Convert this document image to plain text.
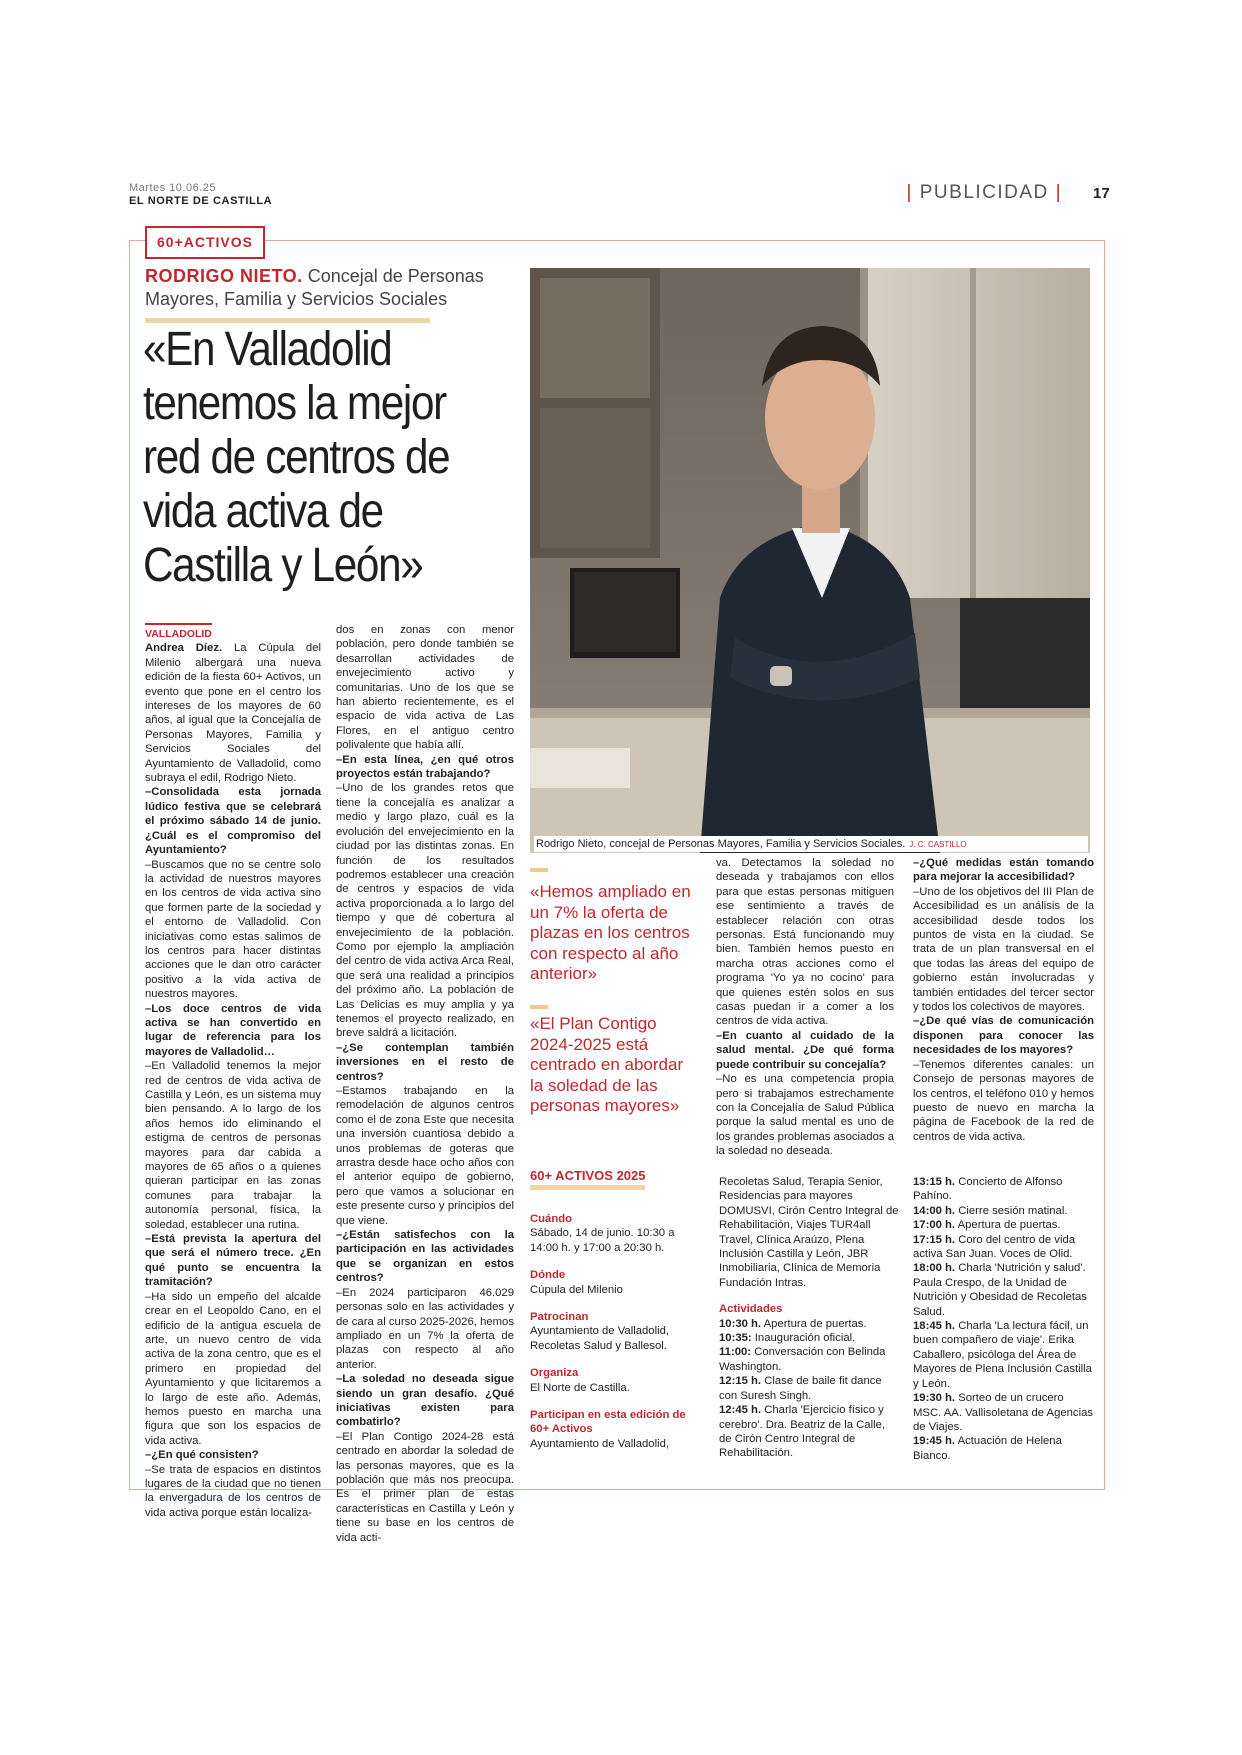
Martes 10.06.25
EL NORTE DE CASTILLA	| PUBLICIDAD | 17
60+ACTIVOS
RODRIGO NIETO. Concejal de Personas Mayores, Familia y Servicios Sociales
«En Valladolid tenemos la mejor red de centros de vida activa de Castilla y León»
Rodrigo Nieto, concejal de Personas Mayores, Familia y Servicios Sociales. J. C. CASTILLO
VALLADOLID

Andrea Díez. La Cúpula del Milenio albergará una nueva edición de la fiesta 60+ Activos, un evento que pone en el centro los intereses de los mayores de 60 años, al igual que la Concejalía de Personas Mayores, Familia y Servicios Sociales del Ayuntamiento de Valladolid, como subraya el edil, Rodrigo Nieto.

–Consolidada esta jornada lúdico festiva que se celebrará el próximo sábado 14 de junio. ¿Cuál es el compromiso del Ayuntamiento?

–Buscamos que no se centre solo la actividad de nuestros mayores en los centros de vida activa sino que formen parte de la sociedad y el entorno de Valladolid. Con iniciativas como estas salimos de los centros para hacer distintas acciones que le dan otro carácter positivo a la vida activa de nuestros mayores.

–Los doce centros de vida activa se han convertido en lugar de referencia para los mayores de Valladolid…

–En Valladolid tenemos la mejor red de centros de vida activa de Castilla y León, es un sistema muy bien pensando. A lo largo de los años hemos ido eliminando el estigma de centros de personas mayores para dar cabida a mayores de 65 años o a quienes quieran participar en las zonas comunes para trabajar la autonomía personal, física, la soledad, establecer una rutina.

–Está prevista la apertura del que será el número trece. ¿En qué punto se encuentra la tramitación?

–Ha sido un empeño del alcalde crear en el Leopoldo Cano, en el edificio de la antigua escuela de arte, un nuevo centro de vida activa de la zona centro, que es el primero en propiedad del Ayuntamiento y que licitaremos a lo largo de este año. Además, hemos puesto en marcha una figura que son los espacios de vida activa.

–¿En qué consisten?

–Se trata de espacios en distintos lugares de la ciudad que no tienen la envergadura de los centros de vida activa porque están localiza-

dos en zonas con menor población, pero donde también se desarrollan actividades de envejecimiento activo y comunitarias. Uno de los que se han abierto recientemente, es el espacio de vida activa de Las Flores, en el antiguo centro polivalente que había allí.

–En esta línea, ¿en qué otros proyectos están trabajando?

–Uno de los grandes retos que tiene la concejalía es analizar a medio y largo plazo, cuál es la evolución del envejecimiento en la ciudad por las distintas zonas. En función de los resultados podremos establecer una creación de centros y espacios de vida activa proporcionada a lo largo del tiempo y que dé cobertura al envejecimiento de la población. Como por ejemplo la ampliación del centro de vida activa Arca Real, que será una realidad a principios del próximo año. La población de Las Delicias es muy amplia y ya tenemos el proyecto realizado, en breve saldrá a licitación.

–¿Se contemplan también inversiones en el resto de centros?

–Estamos trabajando en la remodelación de algunos centros como el de zona Este que necesita una inversión cuantiosa debido a unos problemas de goteras que arrastra desde hace ocho años con el anterior equipo de gobierno, pero que vamos a solucionar en este presente curso y principios del que viene.

–¿Están satisfechos con la participación en las actividades que se organizan en estos centros?

–En 2024 participaron 46.029 personas solo en las actividades y de cara al curso 2025-2026, hemos ampliado en un 7% la oferta de plazas con respecto al año anterior.

–La soledad no deseada sigue siendo un gran desafío. ¿Qué iniciativas existen para combatirlo?

–El Plan Contigo 2024-28 está centrado en abordar la soledad de las personas mayores, que es la población que más nos preocupa. Es el primer plan de estas características en Castilla y León y tiene su base en los centros de vida acti-

«Hemos ampliado en un 7% la oferta de plazas en los centros con respecto al año anterior»
«El Plan Contigo 2024-2025 está centrado en abordar la soledad de las personas mayores»

va. Detectamos la soledad no deseada y trabajamos con ellos para que estas personas mitiguen ese sentimiento a través de establecer relación con otras personas. Está funcionando muy bien. También hemos puesto en marcha otras acciones como el programa 'Yo ya no cocino' para que quienes estén solos en sus casas puedan ir a comer a los centros de vida activa.

–En cuanto al cuidado de la salud mental. ¿De qué forma puede contribuir su concejalía?

–No es una competencia propia pero si trabajamos estrechamente con la Concejalía de Salud Pública porque la salud mental es uno de los grandes problemas asociados a la soledad no deseada.

–¿Qué medidas están tomando para mejorar la accesibilidad?

–Uno de los objetivos del III Plan de Accesibilidad es un análisis de la accesibilidad desde todos los puntos de vista en la ciudad. Se trata de un plan transversal en el que todas las áreas del equipo de gobierno están involucradas y también entidades del tercer sector y todos los colectivos de mayores.

–¿De qué vías de comunicación disponen para conocer las necesidades de los mayores?

–Tenemos diferentes canales: un Consejo de personas mayores de los centros, el teléfono 010 y hemos puesto de nuevo en marcha la página de Facebook de la red de centros de vida activa.

60+ ACTIVOS 2025
Cuándo
Sábado, 14 de junio. 10:30 a 14:00 h. y 17:00 a 20:30 h.
Dónde
Cúpula del Milenio
Patrocinan
Ayuntamiento de Valladolid, Recoletas Salud y Ballesol.
Organiza
El Norte de Castilla.
Participan en esta edición de 60+ Activos
Ayuntamiento de Valladolid,
Recoletas Salud, Terapia Senior, Residencias para mayores DOMUSVI, Cirón Centro Integral de Rehabilitación, Viajes TUR4all Travel, Clínica Araúzo, Plena Inclusión Castilla y León, JBR Inmobiliaria, Clínica de Memoria Fundación Intras.
Actividades
10:30 h. Apertura de puertas.
10:35: Inauguración oficial.
11:00: Conversación con Belinda Washington.
12:15 h. Clase de baile fit dance con Suresh Singh.
12:45 h. Charla 'Ejercicio físico y cerebro'. Dra. Beatriz de la Calle, de Cirón Centro Integral de Rehabilitación.
13:15 h. Concierto de Alfonso Pahíno.
14:00 h. Cierre sesión matinal.
17:00 h. Apertura de puertas.
17:15 h. Coro del centro de vida activa San Juan. Voces de Olid.
18:00 h. Charla 'Nutrición y salud'. Paula Crespo, de la Unidad de Nutrición y Obesidad de Recoletas Salud.
18:45 h. Charla 'La lectura fácil, un buen compañero de viaje'. Erika Caballero, psicóloga del Área de Mayores de Plena Inclusión Castilla y León.
19:30 h. Sorteo de un crucero MSC. AA. Vallisoletana de Agencias de Viajes.
19:45 h. Actuación de Helena Bianco.
